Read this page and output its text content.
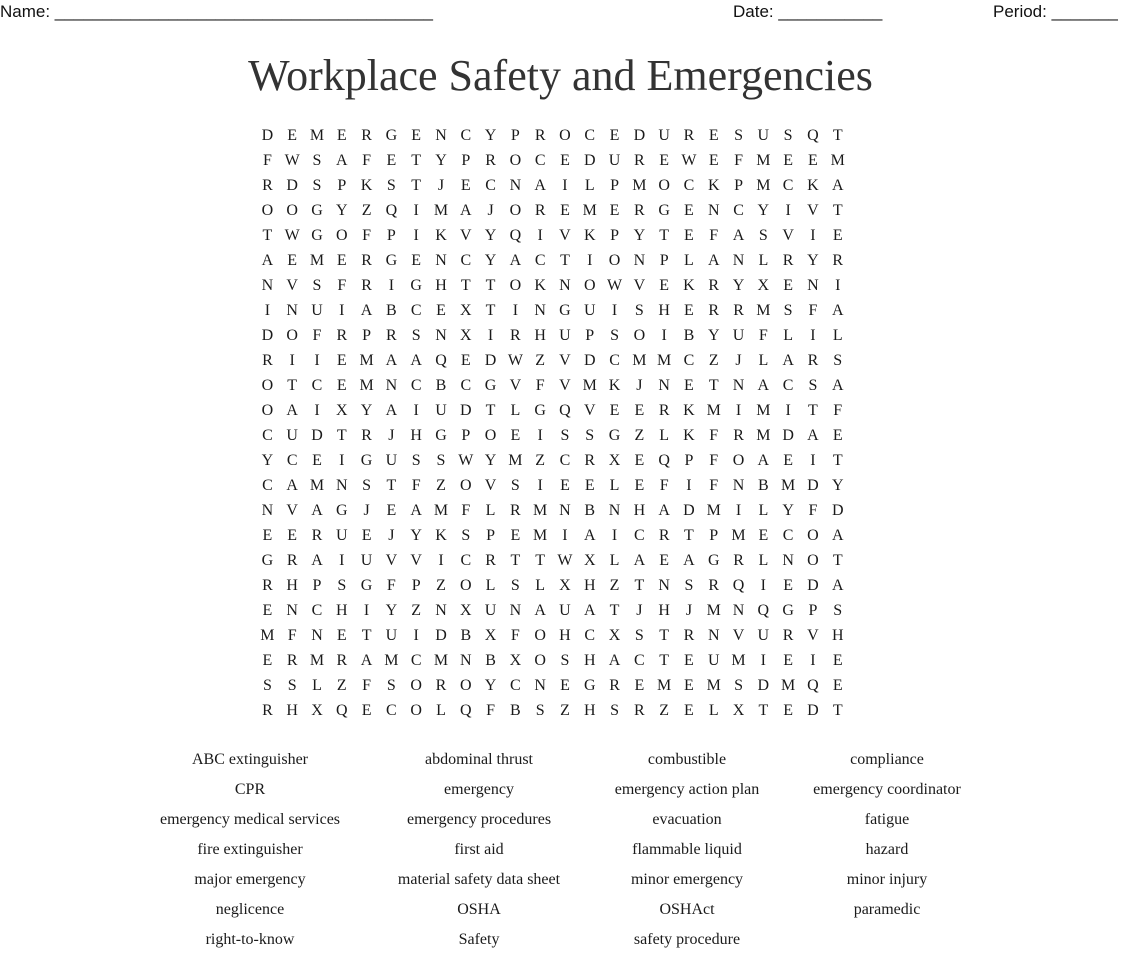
Name: ________________________________________	Date: ___________	Period: _______
Workplace Safety and Emergencies
D E M E R G E N C Y P R O C E D U R E S U S Q T
F W S A F E T Y P R O C E D U R E W E F M E E M
R D S P K S T	J	E C N A	I	L P M O C K P M C K A
O O G Y Z Q	I M A J O R E M E R G E N C Y	I	V T
T W G O F P	I	K V Y Q	I	V K P Y T E F A S V	I	E
A E M E R G E N C Y A C T	I	O N P L A N L R Y R
N V S F R	I	G H T T O K N O W V E K R Y X E N	I
I	N U	I	A B C E X T	I	N G U	I	S H E R R M S F A
D O F R P R S N X	I	R H U P S O	I	B Y U F L	I	L
R	I	I	E M A A Q E D W Z V D C M M C Z	J	L A R S
O T C E M N C B C G V F V M K J N E T N A C S A
O A	I	X Y A	I	U D T L G Q V E E R K M I M I	T F
C U D T R	J H G P O E	I	S S G Z L K F R M D A E
Y C E	I	G U S S W Y M Z C R X E Q P F O A E	I	T
C A M N S T F Z O V S	I	E E L E F	I	F N B M D Y
N V A G J	E A M F L R M N B N H A D M I	L Y F D
E E R U E	J Y K S P E M I	A	I	C R T P M E C O A
G R A	I	U V V	I	C R T T W X L A E A G R L N O T
R H P S G F P Z O L S L X H Z T N S R Q	I	E D A
E N C H	I	Y Z N X U N A U A T	J H J M N Q G P S
M F N E T U	I	D B X F O H C X S T R N V U R V H
E R M R A M C M N B X O S H A C T E U M I	E	I	E
S S L Z F S O R O Y C N E G R E M E M S D M Q E
R H X Q E C O L Q F B S Z H S R Z E L X T E D T
ABC extinguisher	abdominal thrust	combustible	compliance
CPR	emergency	emergency action plan	emergency coordinator
emergency medical services	emergency procedures	evacuation	fatigue
fire extinguisher	first aid	flammable liquid	hazard
major emergency	material safety data sheet	minor emergency	minor injury
neglicence	OSHA	OSHAct	paramedic
right-to-know	Safety	safety procedure
